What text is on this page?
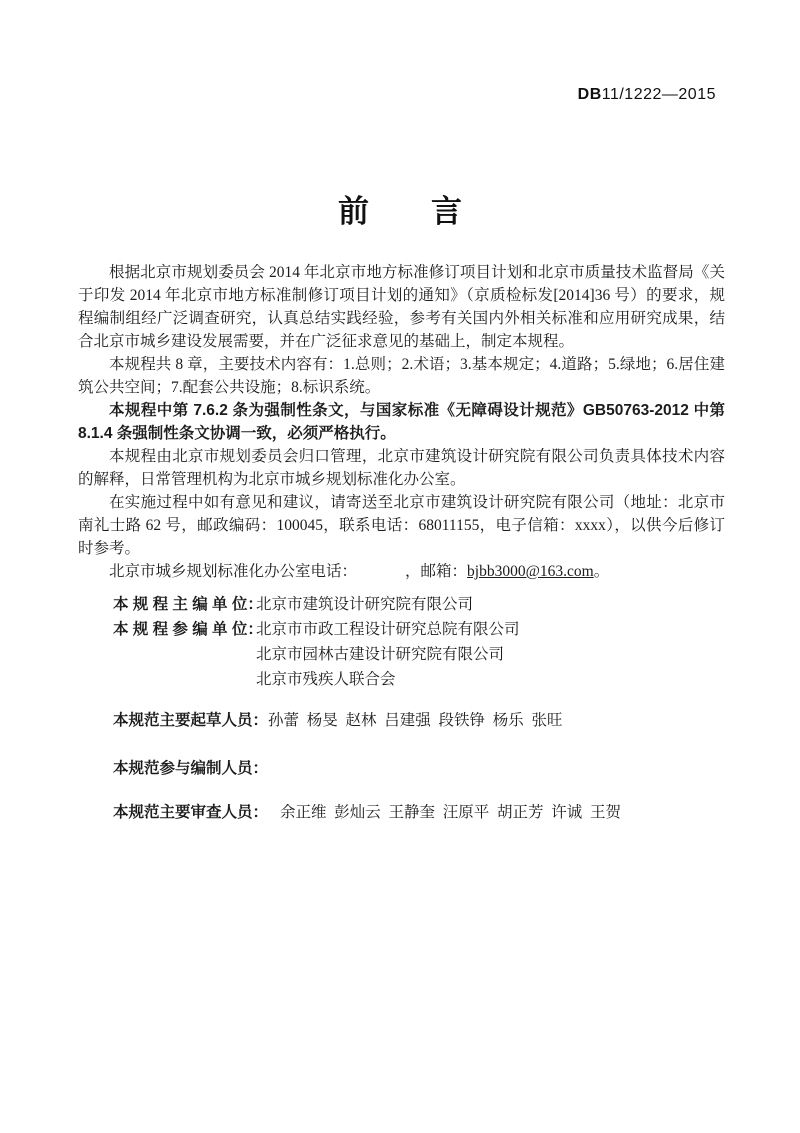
DB11/1222—2015
前　　言

根据北京市规划委员会 2014 年北京市地方标准修订项目计划和北京市质量技术监督局《关于印发 2014 年北京市地方标准制修订项目计划的通知》（京质检标发[2014]36 号）的要求，规程编制组经广泛调查研究，认真总结实践经验，参考有关国内外相关标准和应用研究成果，结合北京市城乡建设发展需要，并在广泛征求意见的基础上，制定本规程。

本规程共 8 章，主要技术内容有：1.总则；2.术语；3.基本规定；4.道路；5.绿地；6.居住建筑公共空间；7.配套公共设施；8.标识系统。

本规程中第 7.6.2 条为强制性条文，与国家标准《无障碍设计规范》GB50763-2012 中第 8.1.4 条强制性条文协调一致，必须严格执行。

本规程由北京市规划委员会归口管理，北京市建筑设计研究院有限公司负责具体技术内容的解释，日常管理机构为北京市城乡规划标准化办公室。

在实施过程中如有意见和建议，请寄送至北京市建筑设计研究院有限公司（地址：北京市南礼士路 62 号，邮政编码：100045，联系电话：68011155，电子信箱：xxxx），以供今后修订时参考。

北京市城乡规划标准化办公室电话：	，邮箱：bjbb3000@163.com。

本 规 程 主 编 单 位：
北京市建筑设计研究院有限公司
本 规 程 参 编 单 位：
北京市市政工程设计研究总院有限公司
北京市园林古建设计研究院有限公司
北京市残疾人联合会
本规范主要起草人员：孙蕾  杨旻  赵林  吕建强  段铁铮  杨乐  张旺
本规范参与编制人员：
本规范主要审查人员： 余正维  彭灿云  王静奎  汪原平  胡正芳  许诚  王贺
